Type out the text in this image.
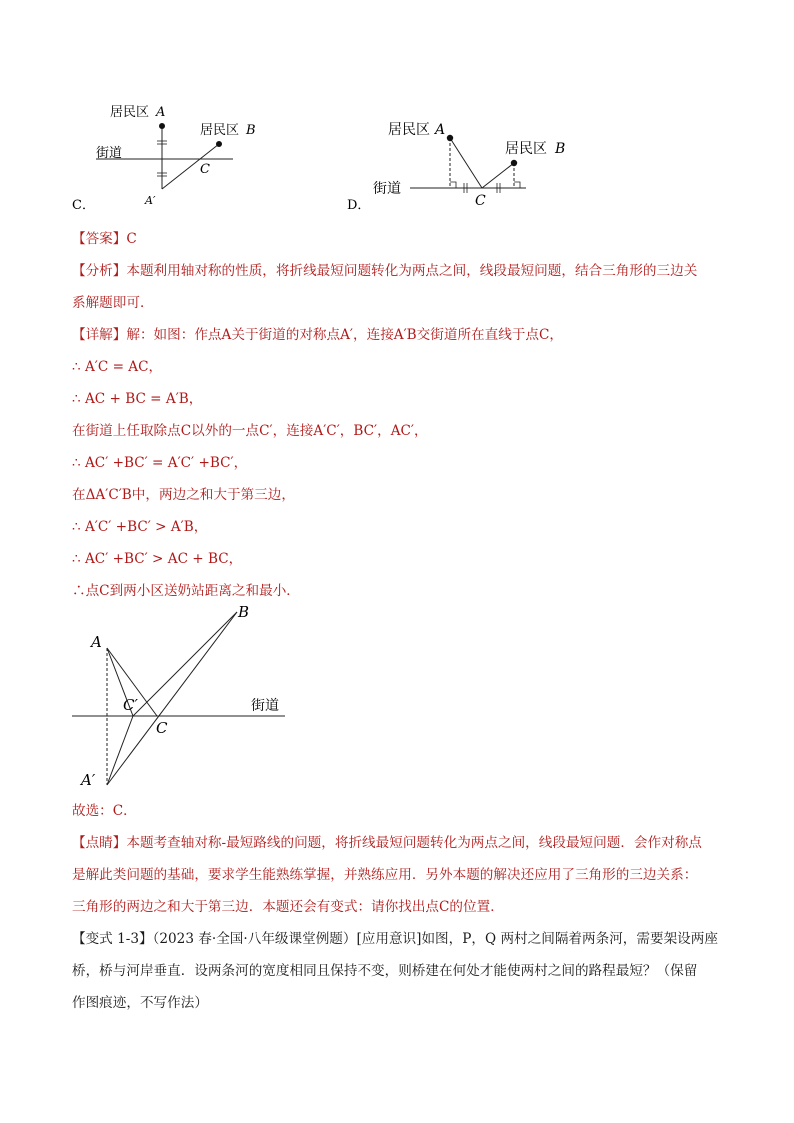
居民区 A
居民区 B
街道
C
A′
C．
居民区 A
居民区 B
街道
C
D．
【答案】C
【分析】本题利用轴对称的性质，将折线最短问题转化为两点之间，线段最短问题，结合三角形的三边关
系解题即可．
【详解】解：如图：作点A关于街道的对称点A′，连接A′B交街道所在直线于点C，
∴ A′C = AC，
∴ AC + BC = A′B，
在街道上任取除点C以外的一点C′，连接A′C′，BC′，AC′，
∴ AC′ +BC′ = A′C′ +BC′，
在ΔA′C′B中，两边之和大于第三边，
∴ A′C′ +BC′ > A′B，
∴ AC′ +BC′ > AC + BC，
∴点C到两小区送奶站距离之和最小．
A
B
C′
C
A′
街道
故选：C．
【点睛】本题考查轴对称-最短路线的问题，将折线最短问题转化为两点之间，线段最短问题．会作对称点
是解此类问题的基础，要求学生能熟练掌握，并熟练应用．另外本题的解决还应用了三角形的三边关系：
三角形的两边之和大于第三边．本题还会有变式：请你找出点C的位置．
【变式 1-3】（2023 春·全国·八年级课堂例题）[应用意识]如图，P，Q 两村之间隔着两条河，需要架设两座
桥，桥与河岸垂直．设两条河的宽度相同且保持不变，则桥建在何处才能使两村之间的路程最短？（保留
作图痕迹，不写作法）
